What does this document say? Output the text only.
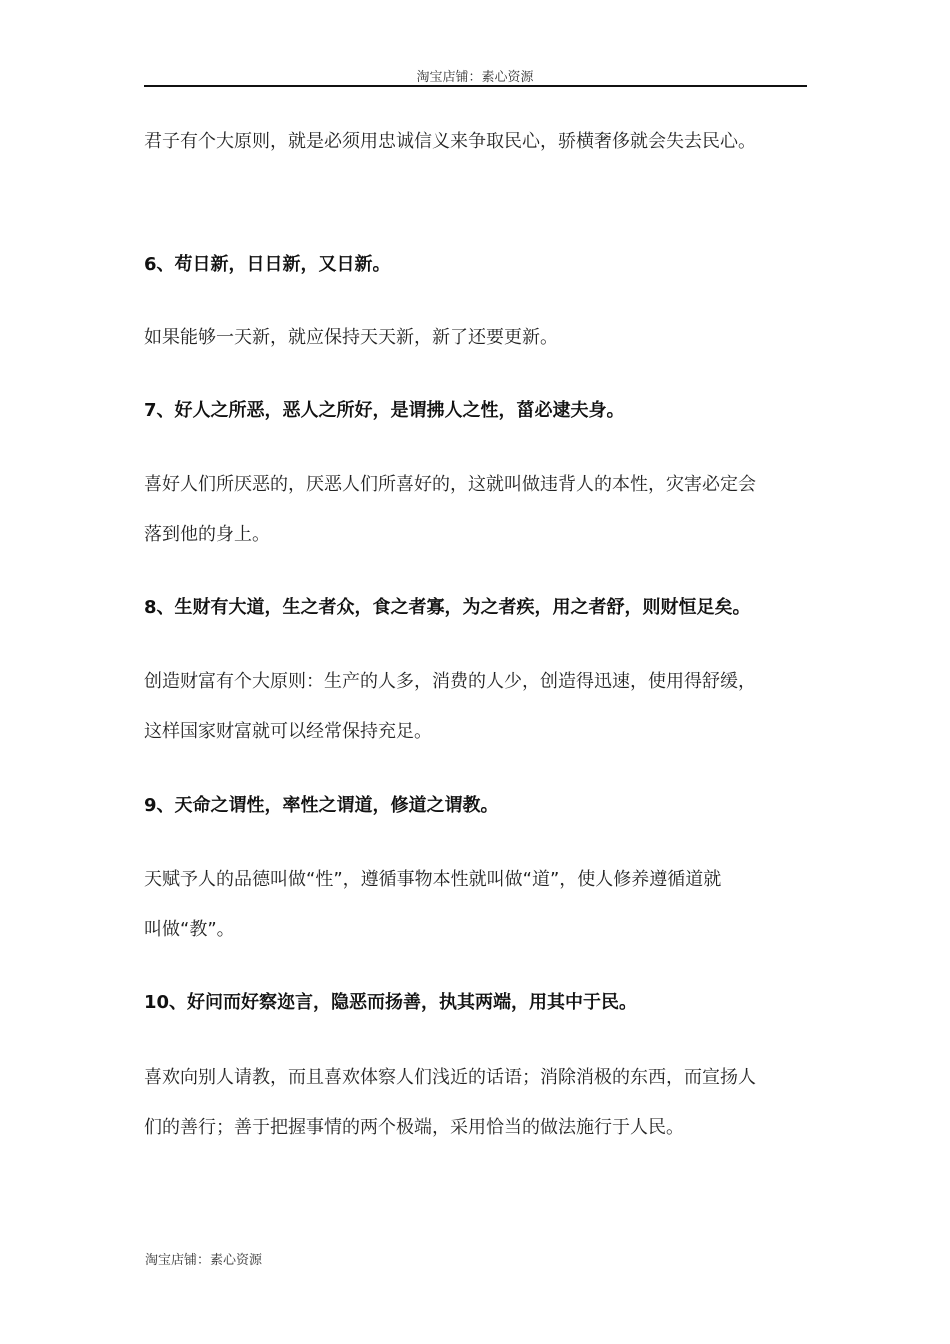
淘宝店铺：素心资源
君子有个大原则，就是必须用忠诚信义来争取民心，骄横奢侈就会失去民心。
6、苟日新，日日新，又日新。
如果能够一天新，就应保持天天新，新了还要更新。
7、好人之所恶，恶人之所好，是谓拂人之性，菑必逮夫身。
喜好人们所厌恶的，厌恶人们所喜好的，这就叫做违背人的本性，灾害必定会
落到他的身上。
8、生财有大道，生之者众，食之者寡，为之者疾，用之者舒，则财恒足矣。
创造财富有个大原则：生产的人多，消费的人少，创造得迅速，使用得舒缓，
这样国家财富就可以经常保持充足。
9、天命之谓性，率性之谓道，修道之谓教。
天赋予人的品德叫做“性”，遵循事物本性就叫做“道”，使人修养遵循道就
叫做“教”。
10、好问而好察迩言，隐恶而扬善，执其两端，用其中于民。
喜欢向别人请教，而且喜欢体察人们浅近的话语；消除消极的东西，而宣扬人
们的善行；善于把握事情的两个极端，采用恰当的做法施行于人民。
淘宝店铺：素心资源
